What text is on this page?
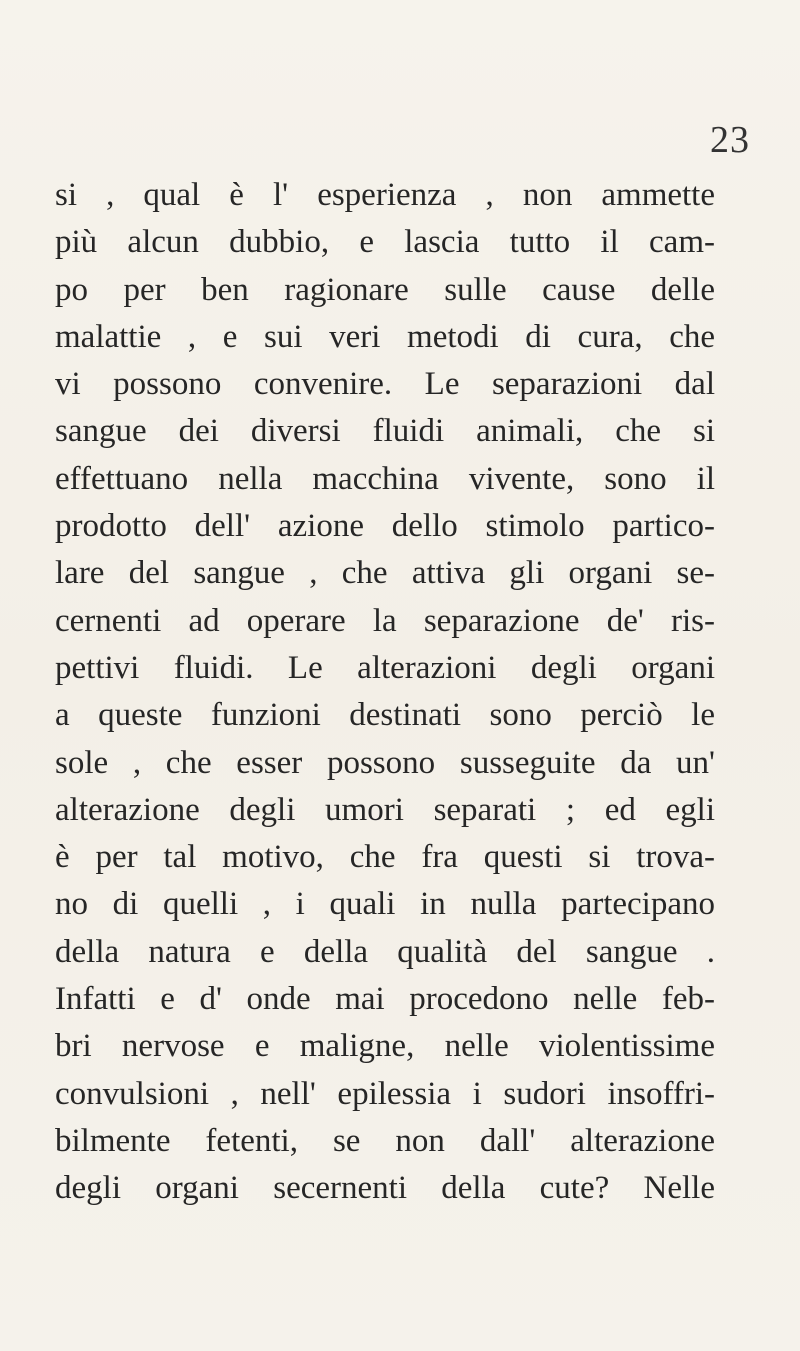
23
si , qual è l' esperienza , non ammette
più alcun dubbio, e lascia tutto il cam-
po per ben ragionare sulle cause delle
malattie , e sui veri metodi di cura, che
vi possono convenire. Le separazioni dal
sangue dei diversi fluidi animali, che si
effettuano nella macchina vivente, sono il
prodotto dell' azione dello stimolo partico-
lare del sangue , che attiva gli organi se-
cernenti ad operare la separazione de' ris-
pettivi fluidi. Le alterazioni degli organi
a queste funzioni destinati sono perciò le
sole , che esser possono susseguite da un'
alterazione degli umori separati ; ed egli
è per tal motivo, che fra questi si trova-
no di quelli , i quali in nulla partecipano
della natura e della qualità del sangue .
Infatti e d' onde mai procedono nelle feb-
bri nervose e maligne, nelle violentissime
convulsioni , nell' epilessia i sudori insoffri-
bilmente fetenti, se non dall' alterazione
degli organi secernenti della cute? Nelle
